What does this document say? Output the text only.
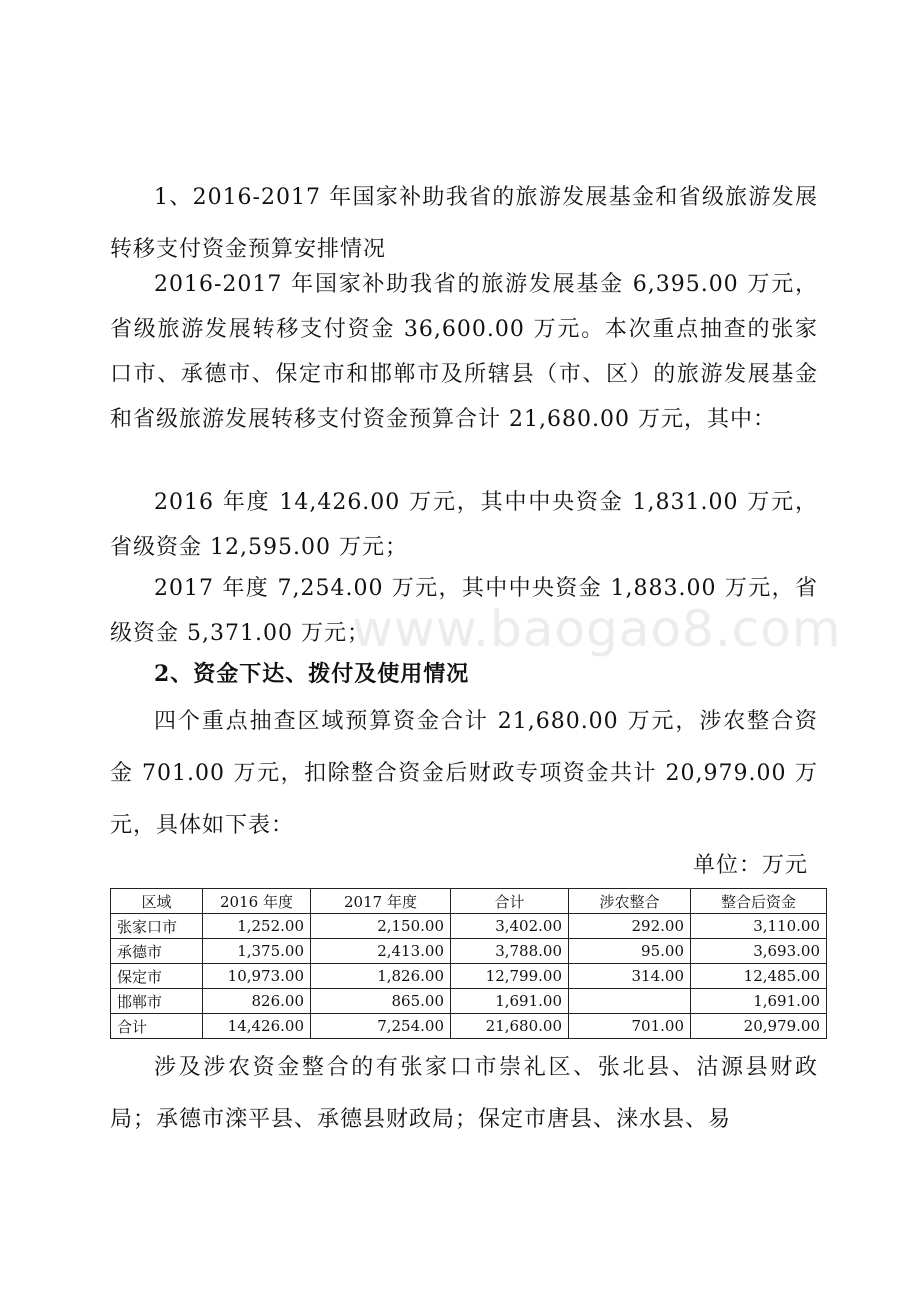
www.baogao8.com

1、2016-2017 年国家补助我省的旅游发展基金和省级旅游发展转移支付资金预算安排情况

2016-2017 年国家补助我省的旅游发展基金 6,395.00 万元，省级旅游发展转移支付资金 36,600.00 万元。本次重点抽查的张家口市、承德市、保定市和邯郸市及所辖县（市、区）的旅游发展基金和省级旅游发展转移支付资金预算合计 21,680.00 万元，其中：

2016 年度 14,426.00 万元，其中中央资金 1,831.00 万元，省级资金 12,595.00 万元；

2017 年度 7,254.00 万元，其中中央资金 1,883.00 万元，省级资金 5,371.00 万元；

2、资金下达、拨付及使用情况

四个重点抽查区域预算资金合计 21,680.00 万元，涉农整合资金 701.00 万元，扣除整合资金后财政专项资金共计 20,979.00 万元，具体如下表：

单位：万元
区域	2016 年度	2017 年度	合计	涉农整合	整合后资金
张家口市	1,252.00	2,150.00	3,402.00	292.00	3,110.00
承德市	1,375.00	2,413.00	3,788.00	95.00	3,693.00
保定市	10,973.00	1,826.00	12,799.00	314.00	12,485.00
邯郸市	826.00	865.00	1,691.00		1,691.00
合计	14,426.00	7,254.00	21,680.00	701.00	20,979.00

涉及涉农资金整合的有张家口市崇礼区、张北县、沽源县财政局；承德市滦平县、承德县财政局；保定市唐县、涞水县、易
